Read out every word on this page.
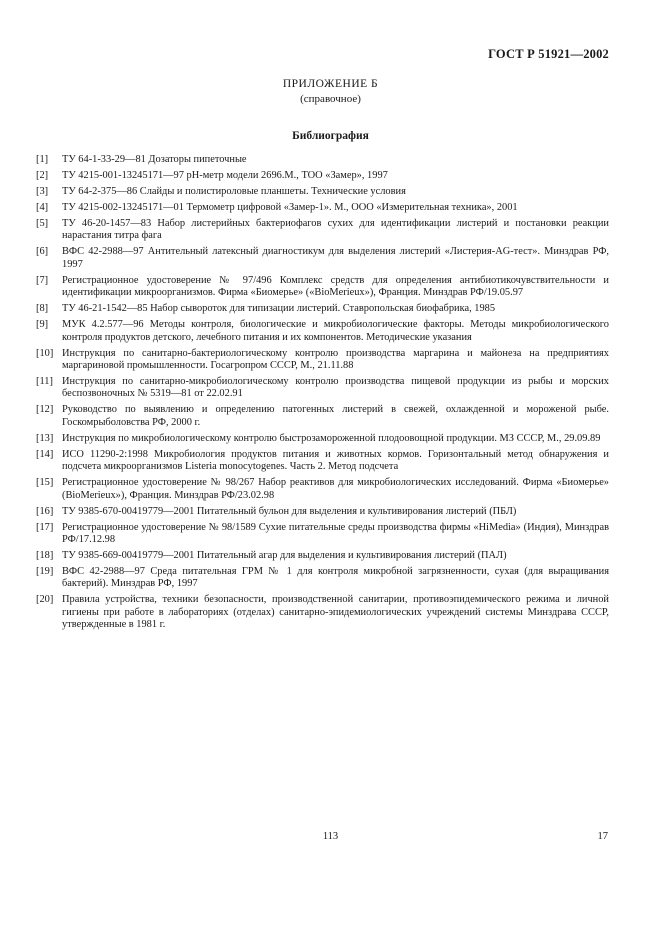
ГОСТ Р 51921—2002
ПРИЛОЖЕНИЕ Б
(справочное)
Библиография
[1] ТУ 64-1-33-29—81 Дозаторы пипеточные
[2] ТУ 4215-001-13245171—97 pH-метр модели 2696.М., ТОО «Замер», 1997
[3] ТУ 64-2-375—86 Слайды и полистироловые планшеты. Технические условия
[4] ТУ 4215-002-13245171—01 Термометр цифровой «Замер-1». М., ООО «Измерительная техника», 2001
[5] ТУ 46-20-1457—83 Набор листерийных бактериофагов сухих для идентификации листерий и постановки реакции нарастания титра фага
[6] ВФС 42-2988—97 Антительный латексный диагностикум для выделения листерий «Листерия-AG-тест». Минздрав РФ, 1997
[7] Регистрационное удостоверение № 97/496 Комплекс средств для определения антибиотикочувствительности и идентификации микроорганизмов. Фирма «Биомерье» («BioMerieux»), Франция. Минздрав РФ/19.05.97
[8] ТУ 46-21-1542—85 Набор сывороток для типизации листерий. Ставропольская биофабрика, 1985
[9] МУК 4.2.577—96 Методы контроля, биологические и микробиологические факторы. Методы микробиологического контроля продуктов детского, лечебного питания и их компонентов. Методические указания
[10] Инструкция по санитарно-бактериологическому контролю производства маргарина и майонеза на предприятиях маргариновой промышленности. Госагропром СССР, М., 21.11.88
[11] Инструкция по санитарно-микробиологическому контролю производства пищевой продукции из рыбы и морских беспозвоночных № 5319—81 от 22.02.91
[12] Руководство по выявлению и определению патогенных листерий в свежей, охлажденной и мороженой рыбе. Госкомрыболовства РФ, 2000 г.
[13] Инструкция по микробиологическому контролю быстрозамороженной плодоовощной продукции. МЗ СССР, М., 29.09.89
[14] ИСО 11290-2:1998 Микробиология продуктов питания и животных кормов. Горизонтальный метод обнаружения и подсчета микроорганизмов Listeria monocytogenes. Часть 2. Метод подсчета
[15] Регистрационное удостоверение № 98/267 Набор реактивов для микробиологических исследований. Фирма «Биомерье» (BioMerieux»), Франция. Минздрав РФ/23.02.98
[16] ТУ 9385-670-00419779—2001 Питательный бульон для выделения и культивирования листерий (ПБЛ)
[17] Регистрационное удостоверение № 98/1589 Сухие питательные среды производства фирмы «HiMedia» (Индия), Минздрав РФ/17.12.98
[18] ТУ 9385-669-00419779—2001 Питательный агар для выделения и культивирования листерий (ПАЛ)
[19] ВФС 42-2988—97 Среда питательная ГРМ № 1 для контроля микробной загрязненности, сухая (для выращивания бактерий). Минздрав РФ, 1997
[20] Правила устройства, техники безопасности, производственной санитарии, противоэпидемического режима и личной гигиены при работе в лабораториях (отделах) санитарно-эпидемиологических учреждений системы Минздрава СССР, утвержденные в 1981 г.
113	17
